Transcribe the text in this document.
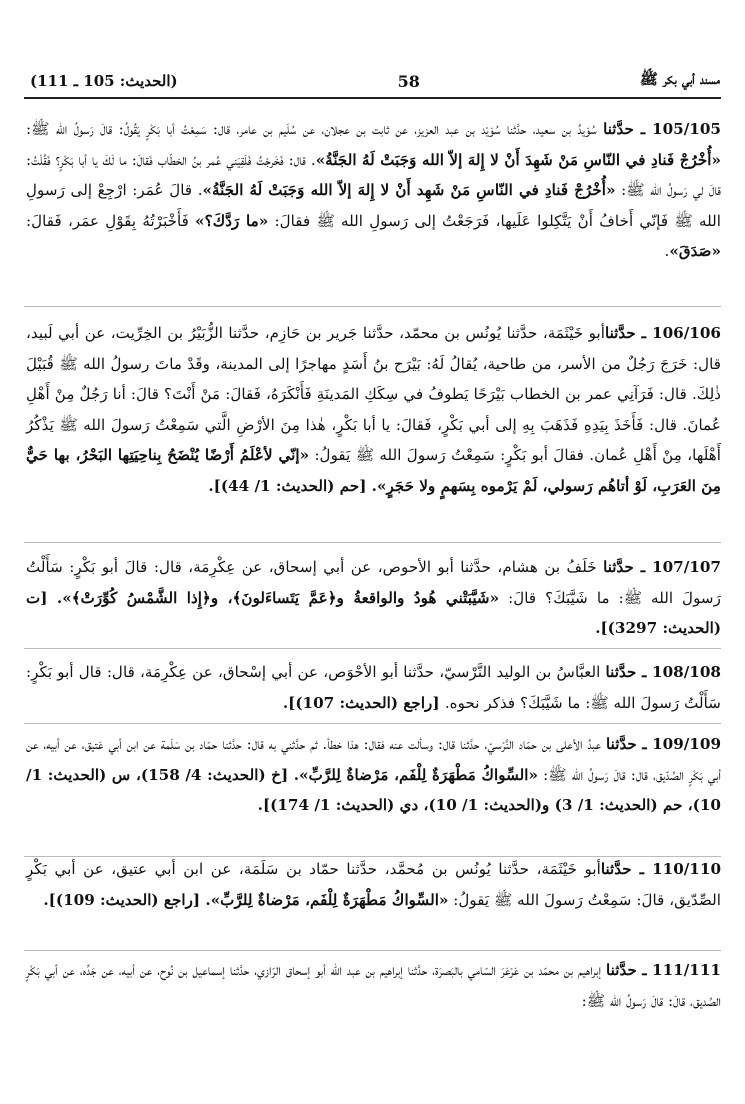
مسند أبي بكر ﷺ
58
(الحديث: 105 ـ 111)
105/105 ـ حدَّثنا سُوَيدُ بن سعيد، حدَّثنا سُوَيْد بن عبد العزيز، عن ثابت بن عجلان، عن سُلَيم بن عامر، قال: سَمِعْتُ أبا بَكْرٍ يَقُولُ: قالَ رَسولُ الله ﷺ: «أُخْرُجْ فَنادِ في النّاسِ مَنْ شَهِدَ أَنْ لا إِلهَ إلاّ الله وَجَبَتْ لَهُ الجَنَّةُ». قال: فَخَرجْتُ فَلَقِيَني عُمر بنُ الخطّاب فَقالَ: ما لَكَ يا أبا بَكْرٍ؟ فَقُلْتُ: قالَ لي رَسولُ الله ﷺ: «أُخْرُجْ فَنادِ في النّاسِ مَنْ شَهِد أَنْ لا إِلهَ إلاّ الله وَجَبَتْ لَهُ الجَنَّةُ». قالَ عُمَر: ارْجِعْ إلى رَسولِ الله ﷺ فَإنّي أَخافُ أَنْ يَتَّكِلوا عَلَيها، فَرَجَعْتُ إلى رَسولِ الله ﷺ فقالَ: «ما رَدَّكَ؟» فَأَخْبَرْتُهُ بِقَوْلِ عمَر، فَقالَ: «صَدَقَ».
106/106 ـ حدَّثناأبو خَيْثَمَة، حدَّثنا يُونُس بن محمّد، حدَّثنا جَرير بن حَازِم، حدَّثنا الزُّبَيْرُ بن الخِرِّيت، عن أبي لَبيد، قال: خَرَجَ رَجُلٌ من الأسر، من طاحية، يُقالُ لَهُ: بَيْرَح بنُ أَسَدٍ مهاجرًا إلى المدينة، وقَدْ ماتَ رسولُ الله ﷺ قُبَيْلَ ذٰلِكَ. قال: فَرَآنِي عمر بن الخطاب بَيْرَحًا يَطوفُ في سِكَكِ المَدينَةِ فَأَنْكَرَهُ، فَقالَ: مَنْ أَنْتَ؟ قالَ: أنا رَجُلٌ مِنْ أَهْلِ عُمانَ. قال: فَأَخَذَ بِيَدِهِ فَذَهَبَ بِهِ إلى أبي بَكْرٍ، فَقالَ: يا أبا بَكْرٍ، هٰذا مِنَ الأرْضِ الَّتي سَمِعْتُ رَسولَ الله ﷺ يَذْكُرُ أَهْلَها، مِنْ أَهْلِ عُمان. فقالَ أبو بَكْرٍ: سَمِعْتُ رَسولَ الله ﷺ يَقولُ: «إنّي لأعْلَمُ أَرْضًا يُنْضَحُ بِناحِيَتِها البَحْرُ، بها حَيٌّ مِنَ العَرَبِ، لَوْ أتاهُم رَسولي، لَمْ يَرْموه بِسَهمٍ ولا حَجَرٍ». [حم (الحديث: 1/ 44)].
107/107 ـ حدَّثنا خَلَفُ بن هشام، حدَّثنا أبو الأحوص، عن أبي إسحاق، عن عِكْرِمَة، قال: قالَ أبو بَكْرٍ: سَأَلْتُ رَسولَ الله ﷺ: ما شَيَّبَكَ؟ قالَ: «شَيَّبَتْني هُودُ والواقعةُ و﴿عَمَّ يَتَساءَلونَ﴾، و﴿إِذا الشَّمْسُ كُوِّرَتْ﴾». [ت (الحديث: 3297)].
108/108 ـ حدَّثنا العبَّاسُ بن الوليد النَّرْسيّ، حدَّثنا أبو الأحْوَص، عن أبي إسْحاق، عن عِكْرِمَة، قال: قال أبو بَكْرٍ: سَأَلْتُ رَسولَ الله ﷺ: ما شَيَّبَكَ؟ فذكر نحوه. [راجع (الحديث: 107)].
109/109 ـ حدَّثنا عبدُ الأعلى بن حمّاد النَّرْسيّ، حدَّثنا قال: وسألت عنه فقال: هذا خطأ. ثم حدَّثني به قال: حدَّثنا حمّاد بن سَلَمة عن ابن أبي عَتيق، عن أبيه، عن أبي بَكْرٍ الصِّدّيق، قال: قالَ رَسولُ الله ﷺ: «السِّواكُ مَطْهَرَةٌ لِلْفَم، مَرْضاةٌ لِلرَّبِّ». [خ (الحديث: 4/ 158)، س (الحديث: 1/ 10)، حم (الحديث: 1/ 3) و(الحديث: 1/ 10)، دي (الحديث: 1/ 174)].
110/110 ـ حدَّثناأبو خَيْثَمَة، حدَّثنا يُونُس بن مُحمَّد، حدَّثنا حمّاد بن سَلَمَة، عن ابن أبي عتيق، عن أبي بَكْرٍ الصِّدّيق، قالَ: سَمِعْتُ رَسولَ الله ﷺ يَقولُ: «السِّواكُ مَطْهَرَةٌ لِلْفَم، مَرْضاةٌ لِلرَّبِّ». [راجع (الحديث: 109)].
111/111 ـ حدَّثنا إبراهيم بن محمّد بن عَرْعَرَ السّامي بالبَصرَة، حدَّثنا إبراهيم بن عبد الله أبو إسحاق الرّازي، حدَّثنا إسماعيل بن نُوح، عن أبيه، عن جَدِّه، عن أبي بَكْرٍ الصِّديق، قالَ: قالَ رَسولُ الله ﷺ:
